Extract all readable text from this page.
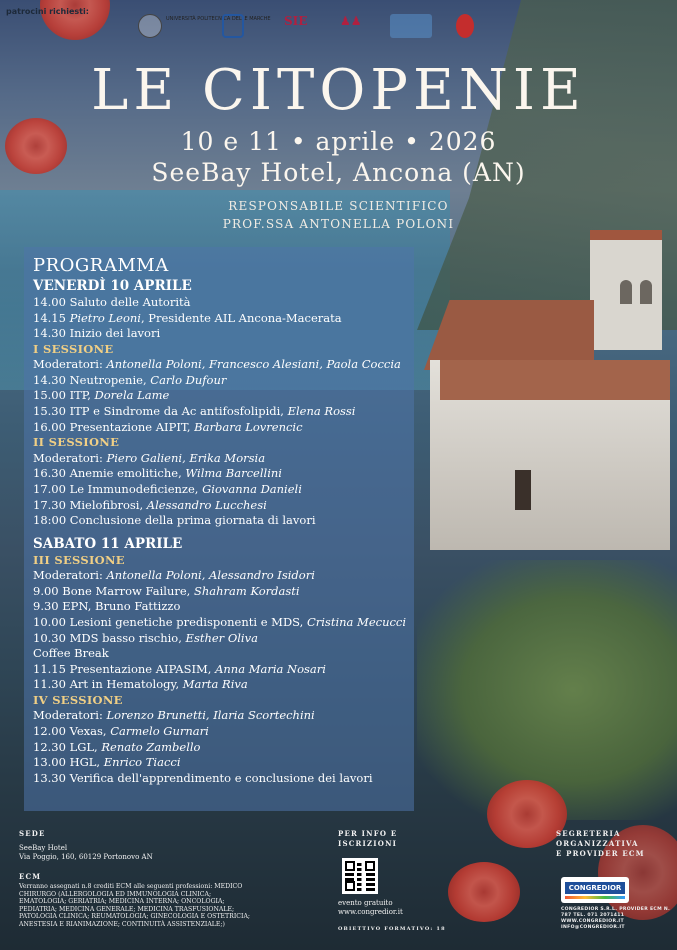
patrocini richiesti:
UNIVERSITÀ POLITECNICA DELLE MARCHE SIE	♟♟
LE CITOPENIE
10 e 11 • aprile • 2026
SeeBay Hotel, Ancona (AN)
RESPONSABILE SCIENTIFICO
PROF.SSA ANTONELLA POLONI
PROGRAMMA
VENERDÌ 10 APRILE
14.00 Saluto delle Autorità
14.15 Pietro Leoni, Presidente AIL Ancona-Macerata
14.30 Inizio dei lavori
I SESSIONE
Moderatori: Antonella Poloni, Francesco Alesiani, Paola Coccia
14.30 Neutropenie, Carlo Dufour
15.00 ITP, Dorela Lame
15.30 ITP e Sindrome da Ac antifosfolipidi, Elena Rossi
16.00 Presentazione AIPIT, Barbara Lovrencic
II SESSIONE
Moderatori: Piero Galieni, Erika Morsia
16.30 Anemie emolitiche, Wilma Barcellini
17.00 Le Immunodeficienze, Giovanna Danieli
17.30 Mielofibrosi, Alessandro Lucchesi
18:00 Conclusione della prima giornata di lavori
SABATO 11 APRILE
III SESSIONE
Moderatori: Antonella Poloni, Alessandro Isidori
9.00 Bone Marrow Failure, Shahram Kordasti
9.30 EPN, Bruno Fattizzo
10.00 Lesioni genetiche predisponenti e MDS, Cristina Mecucci
10.30 MDS basso rischio, Esther Oliva
Coffee Break
11.15 Presentazione AIPASIM, Anna Maria Nosari
11.30 Art in Hematology, Marta Riva
IV SESSIONE
Moderatori: Lorenzo Brunetti, Ilaria Scortechini
12.00 Vexas, Carmelo Gurnari
12.30 LGL, Renato Zambello
13.00 HGL, Enrico Tiacci
13.30 Verifica dell'apprendimento e conclusione dei lavori
SEDE
SeeBay Hotel
Via Poggio, 160, 60129 Portonovo AN
ECM
Verranno assegnati n.8 crediti ECM alle seguenti professioni: MEDICO CHIRURGO (ALLERGOLOGIA ED IMMUNOLOGIA CLINICA; EMATOLOGIA; GERIATRIA; MEDICINA INTERNA; ONCOLOGIA; PEDIATRIA; MEDICINA GENERALE; MEDICINA TRASFUSIONALE; PATOLOGIA CLINICA; REUMATOLOGIA; GINECOLOGIA E OSTETRICIA; ANESTESIA E RIANIMAZIONE; CONTINUITÀ ASSISTENZIALE;)
PER INFO E
ISCRIZIONI
evento gratuito
www.congredior.it
OBIETTIVO FORMATIVO: 18
SEGRETERIA
ORGANIZZATIVA
E PROVIDER ECM
CONGREDIOR
CONGREDIOR S.R.L. PROVIDER ECM N. 787 TEL. 071 2071411 WWW.CONGREDIOR.IT INFO@CONGREDIOR.IT
